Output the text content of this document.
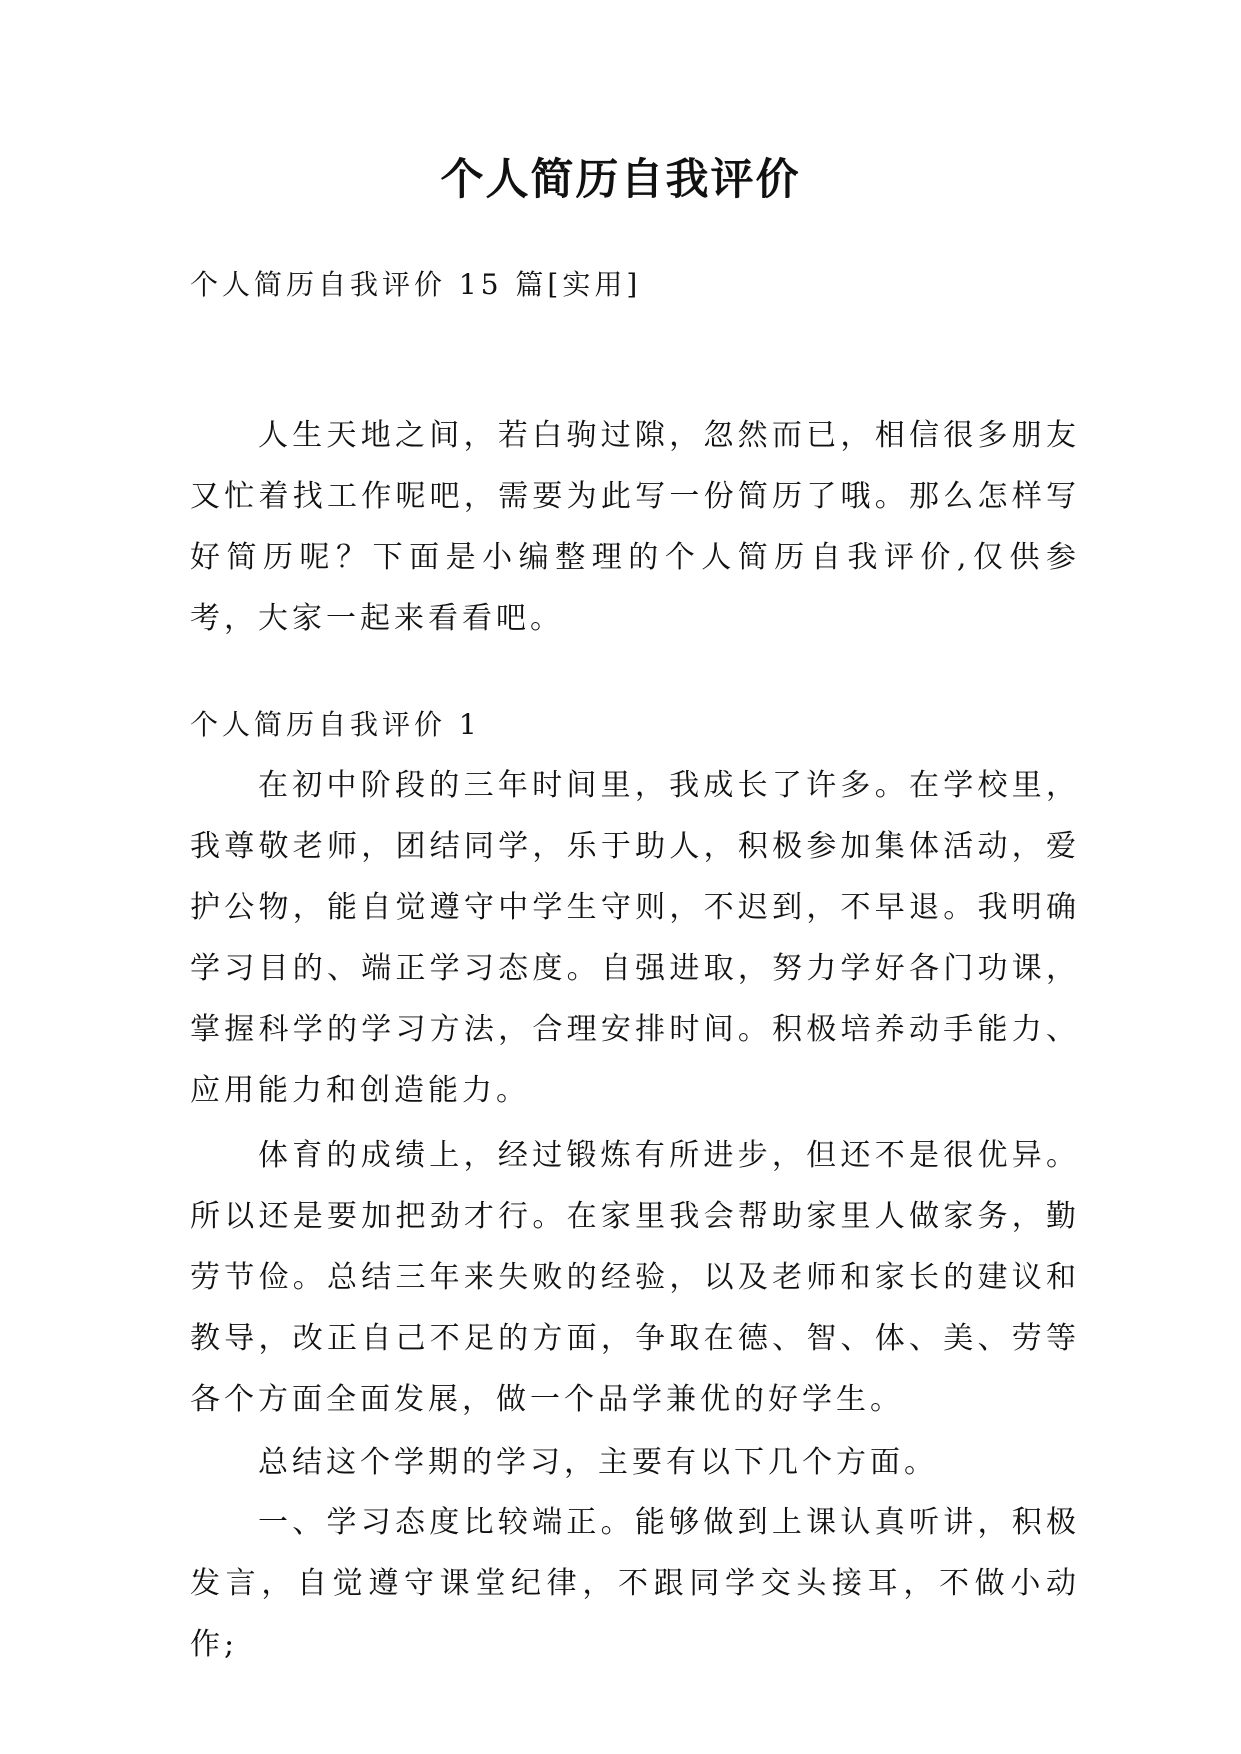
个人简历自我评价
个人简历自我评价 15 篇[实用]

人生天地之间，若白驹过隙，忽然而已，相信很多朋友又忙着找工作呢吧，需要为此写一份简历了哦。那么怎样写好简历呢？下面是小编整理的个人简历自我评价,仅供参考，大家一起来看看吧。

个人简历自我评价 1

在初中阶段的三年时间里，我成长了许多。在学校里，我尊敬老师，团结同学，乐于助人，积极参加集体活动，爱护公物，能自觉遵守中学生守则，不迟到，不早退。我明确学习目的、端正学习态度。自强进取，努力学好各门功课，掌握科学的学习方法，合理安排时间。积极培养动手能力、应用能力和创造能力。

体育的成绩上，经过锻炼有所进步，但还不是很优异。所以还是要加把劲才行。在家里我会帮助家里人做家务，勤劳节俭。总结三年来失败的经验，以及老师和家长的建议和教导，改正自己不足的方面，争取在德、智、体、美、劳等各个方面全面发展，做一个品学兼优的好学生。

总结这个学期的学习，主要有以下几个方面。

一、学习态度比较端正。能够做到上课认真听讲，积极发言，自觉遵守课堂纪律，不跟同学交头接耳，不做小动作;
